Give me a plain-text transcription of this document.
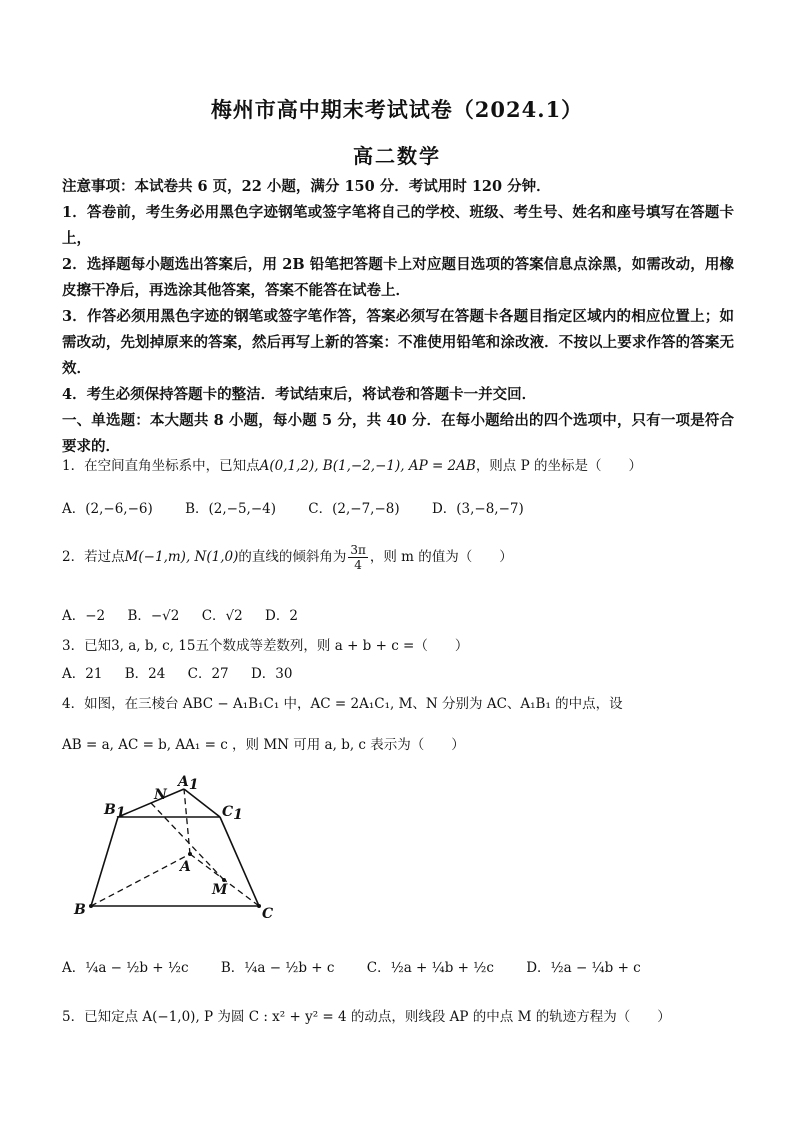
梅州市高中期末考试试卷（2024.1）
高二数学

注意事项：本试卷共 6 页，22 小题，满分 150 分．考试用时 120 分钟．

1．答卷前，考生务必用黑色字迹钢笔或签字笔将自己的学校、班级、考生号、姓名和座号填写在答题卡上，

2．选择题每小题选出答案后，用 2B 铅笔把答题卡上对应题目选项的答案信息点涂黑，如需改动，用橡皮擦干净后，再选涂其他答案，答案不能答在试卷上．

3．作答必须用黑色字迹的钢笔或签字笔作答，答案必须写在答题卡各题目指定区域内的相应位置上；如需改动，先划掉原来的答案，然后再写上新的答案：不准使用铅笔和涂改液．不按以上要求作答的答案无效．

4．考生必须保持答题卡的整洁．考试结束后，将试卷和答题卡一并交回．

一、单选题：本大题共 8 小题，每小题 5 分，共 40 分．在每小题给出的四个选项中，只有一项是符合要求的．

1．在空间直角坐标系中，已知点A(0,1,2), B(1,−2,−1), AP = 2AB，则点 P 的坐标是（　　）
A．(2,−6,−6) B．(2,−5,−4) C．(2,−7,−8) D．(3,−8,−7)
2．若过点M(−1,m), N(1,0)的直线的倾斜角为 $\frac{3\pi}{4}$ ，则 m 的值为（　　）
A．−2 B．−√2 C．√2 D．2
3．已知3, a, b, c, 15五个数成等差数列，则 a + b + c =（　　）
A．21 B．24 C．27 D．30
4．如图，在三棱台 ABC − A₁B₁C₁ 中，AC = 2A₁C₁, M、N 分别为 AC、A₁B₁ 的中点，设
AB = a, AC = b, AA₁ = c ，则 MN 可用 a, b, c 表示为（　　）
A1
B1	C1
N
A
M
B	C
A．¼a − ½b + ½c B．¼a − ½b + c C．½a + ¼b + ½c D．½a − ¼b + c
5．已知定点 A(−1,0), P 为圆 C : x² + y² = 4 的动点，则线段 AP 的中点 M 的轨迹方程为（　　）
